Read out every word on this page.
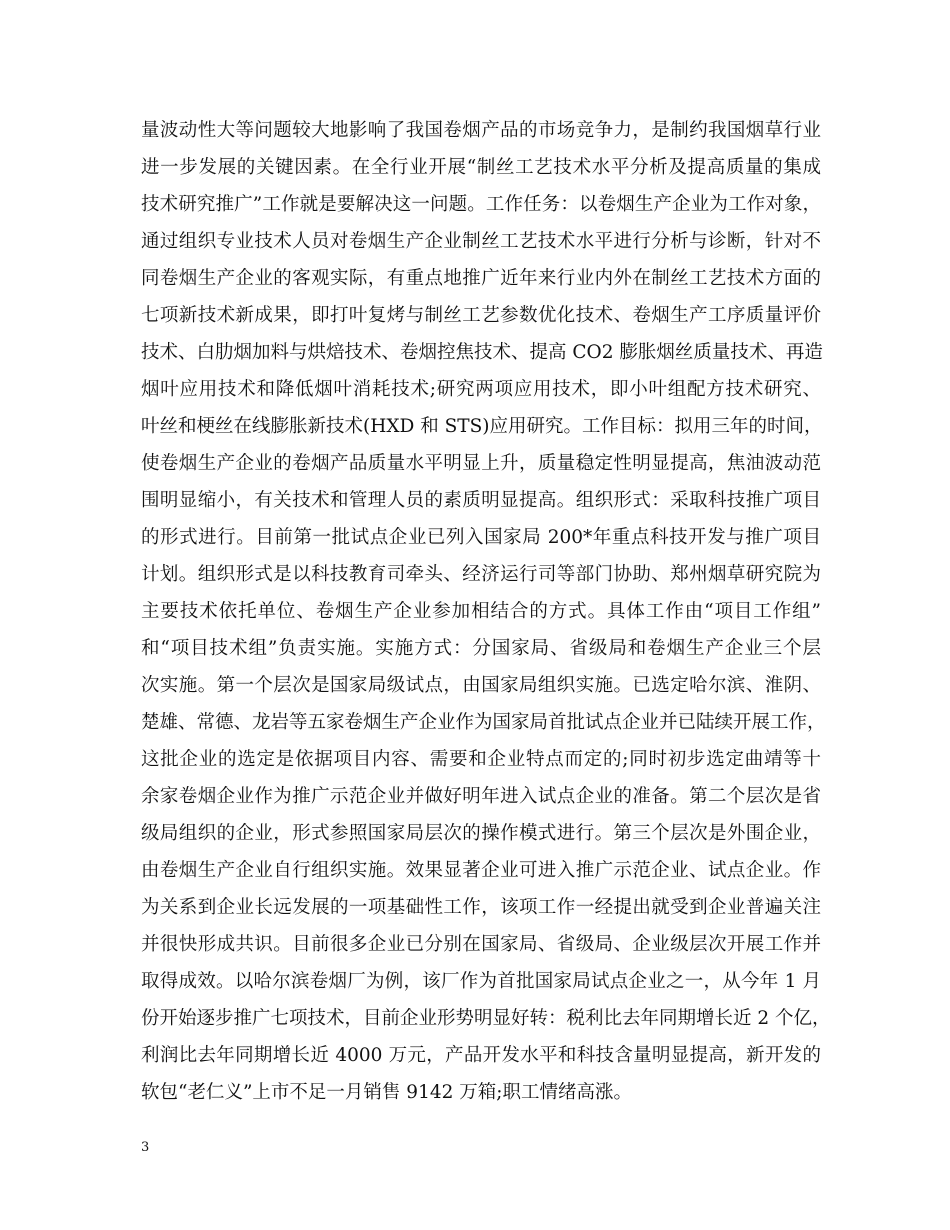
量波动性大等问题较大地影响了我国卷烟产品的市场竞争力，是制约我国烟草行业
进一步发展的关键因素。在全行业开展“制丝工艺技术水平分析及提高质量的集成
技术研究推广”工作就是要解决这一问题。工作任务：以卷烟生产企业为工作对象，
通过组织专业技术人员对卷烟生产企业制丝工艺技术水平进行分析与诊断，针对不
同卷烟生产企业的客观实际，有重点地推广近年来行业内外在制丝工艺技术方面的
七项新技术新成果，即打叶复烤与制丝工艺参数优化技术、卷烟生产工序质量评价
技术、白肋烟加料与烘焙技术、卷烟控焦技术、提高 CO2 膨胀烟丝质量技术、再造
烟叶应用技术和降低烟叶消耗技术;研究两项应用技术，即小叶组配方技术研究、
叶丝和梗丝在线膨胀新技术(HXD 和 STS)应用研究。工作目标：拟用三年的时间，
使卷烟生产企业的卷烟产品质量水平明显上升，质量稳定性明显提高，焦油波动范
围明显缩小，有关技术和管理人员的素质明显提高。组织形式：采取科技推广项目
的形式进行。目前第一批试点企业已列入国家局 200*年重点科技开发与推广项目
计划。组织形式是以科技教育司牵头、经济运行司等部门协助、郑州烟草研究院为
主要技术依托单位、卷烟生产企业参加相结合的方式。具体工作由“项目工作组”
和“项目技术组”负责实施。实施方式：分国家局、省级局和卷烟生产企业三个层
次实施。第一个层次是国家局级试点，由国家局组织实施。已选定哈尔滨、淮阴、
楚雄、常德、龙岩等五家卷烟生产企业作为国家局首批试点企业并已陆续开展工作，
这批企业的选定是依据项目内容、需要和企业特点而定的;同时初步选定曲靖等十
余家卷烟企业作为推广示范企业并做好明年进入试点企业的准备。第二个层次是省
级局组织的企业，形式参照国家局层次的操作模式进行。第三个层次是外围企业，
由卷烟生产企业自行组织实施。效果显著企业可进入推广示范企业、试点企业。作
为关系到企业长远发展的一项基础性工作，该项工作一经提出就受到企业普遍关注
并很快形成共识。目前很多企业已分别在国家局、省级局、企业级层次开展工作并
取得成效。以哈尔滨卷烟厂为例，该厂作为首批国家局试点企业之一，从今年 1 月
份开始逐步推广七项技术，目前企业形势明显好转：税利比去年同期增长近 2 个亿，
利润比去年同期增长近 4000 万元，产品开发水平和科技含量明显提高，新开发的
软包“老仁义”上市不足一月销售 9142 万箱;职工情绪高涨。
3
